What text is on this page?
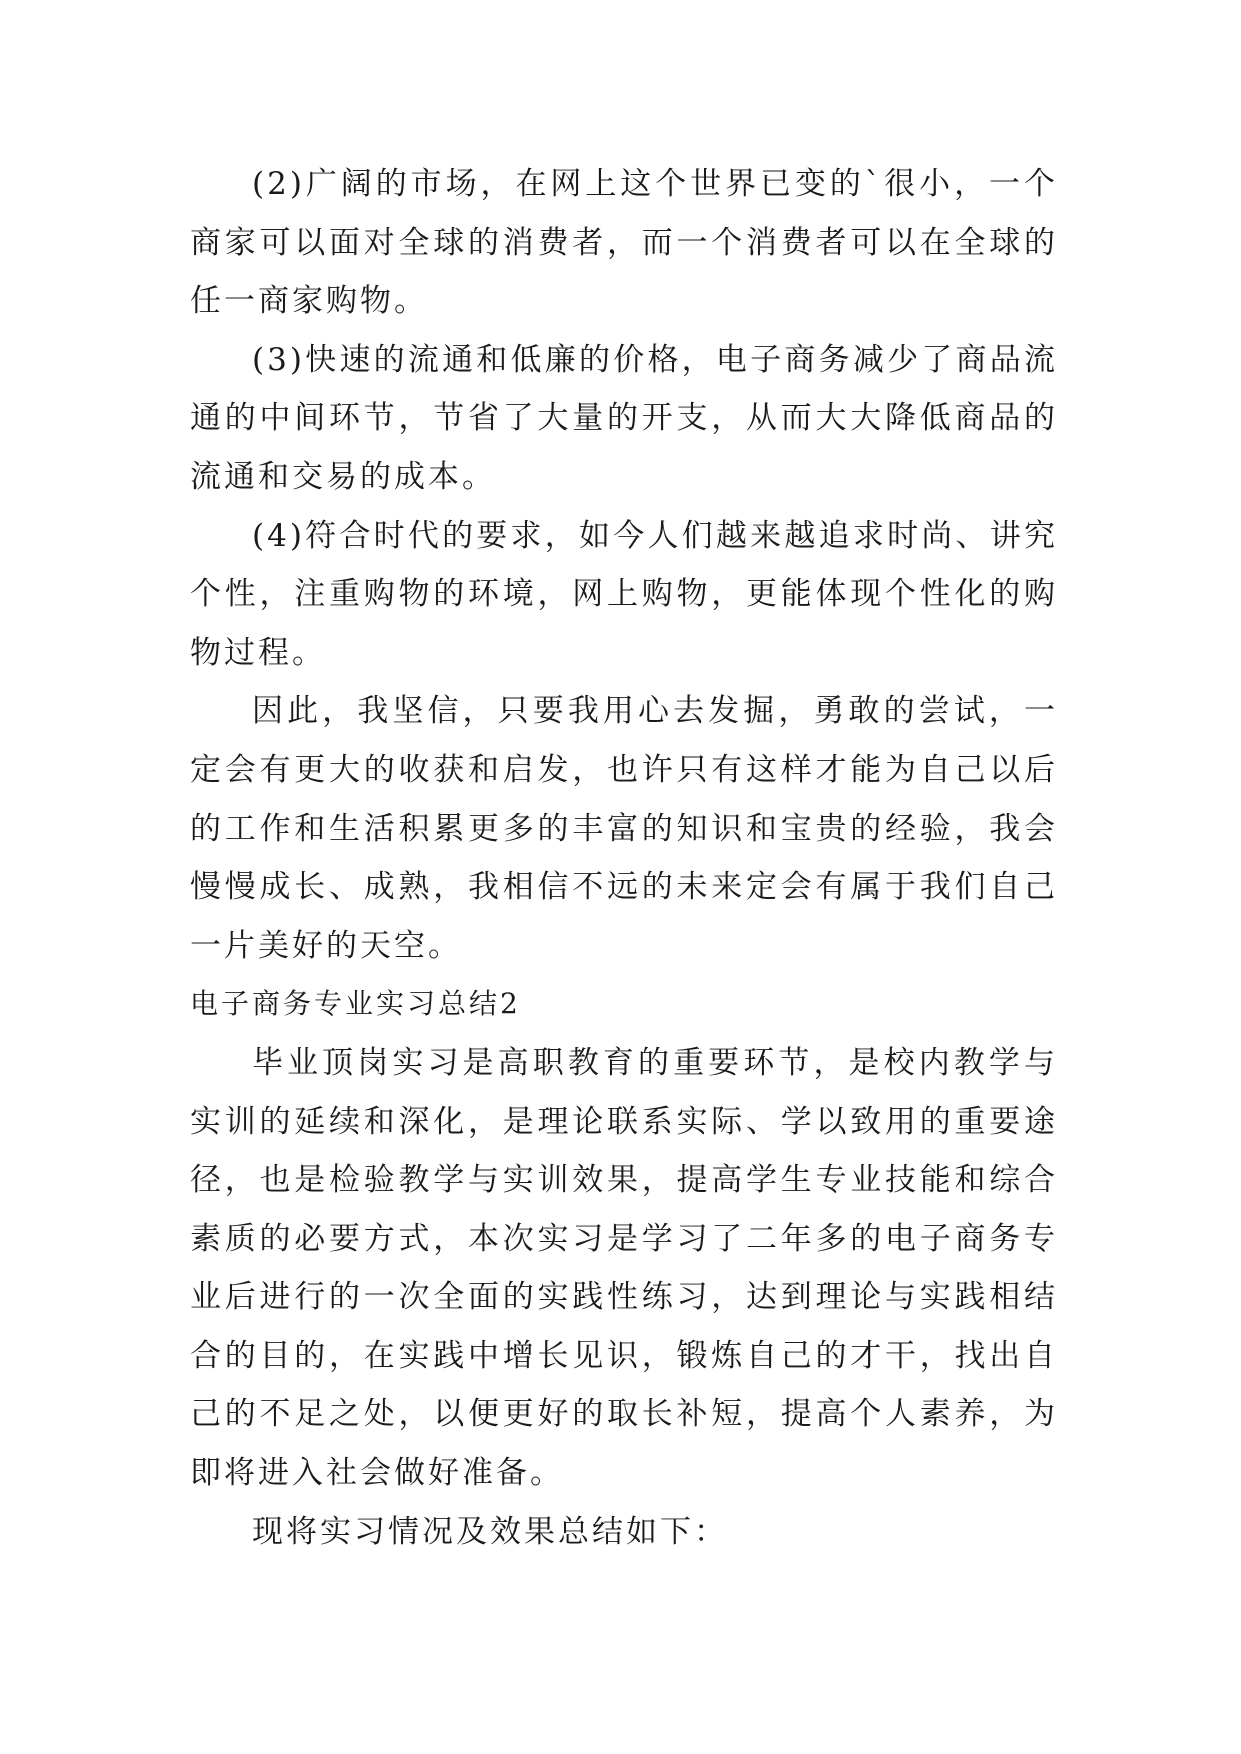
(2)广阔的市场，在网上这个世界已变的`很小，一个商家可以面对全球的消费者，而一个消费者可以在全球的任一商家购物。

(3)快速的流通和低廉的价格，电子商务减少了商品流通的中间环节，节省了大量的开支，从而大大降低商品的流通和交易的成本。

(4)符合时代的要求，如今人们越来越追求时尚、讲究个性，注重购物的环境，网上购物，更能体现个性化的购物过程。

因此，我坚信，只要我用心去发掘，勇敢的尝试，一定会有更大的收获和启发，也许只有这样才能为自己以后的工作和生活积累更多的丰富的知识和宝贵的经验，我会慢慢成长、成熟，我相信不远的未来定会有属于我们自己一片美好的天空。

电子商务专业实习总结2

毕业顶岗实习是高职教育的重要环节，是校内教学与实训的延续和深化，是理论联系实际、学以致用的重要途径，也是检验教学与实训效果，提高学生专业技能和综合素质的必要方式，本次实习是学习了二年多的电子商务专业后进行的一次全面的实践性练习，达到理论与实践相结合的目的，在实践中增长见识，锻炼自己的才干，找出自己的不足之处，以便更好的取长补短，提高个人素养，为即将进入社会做好准备。

现将实习情况及效果总结如下：
